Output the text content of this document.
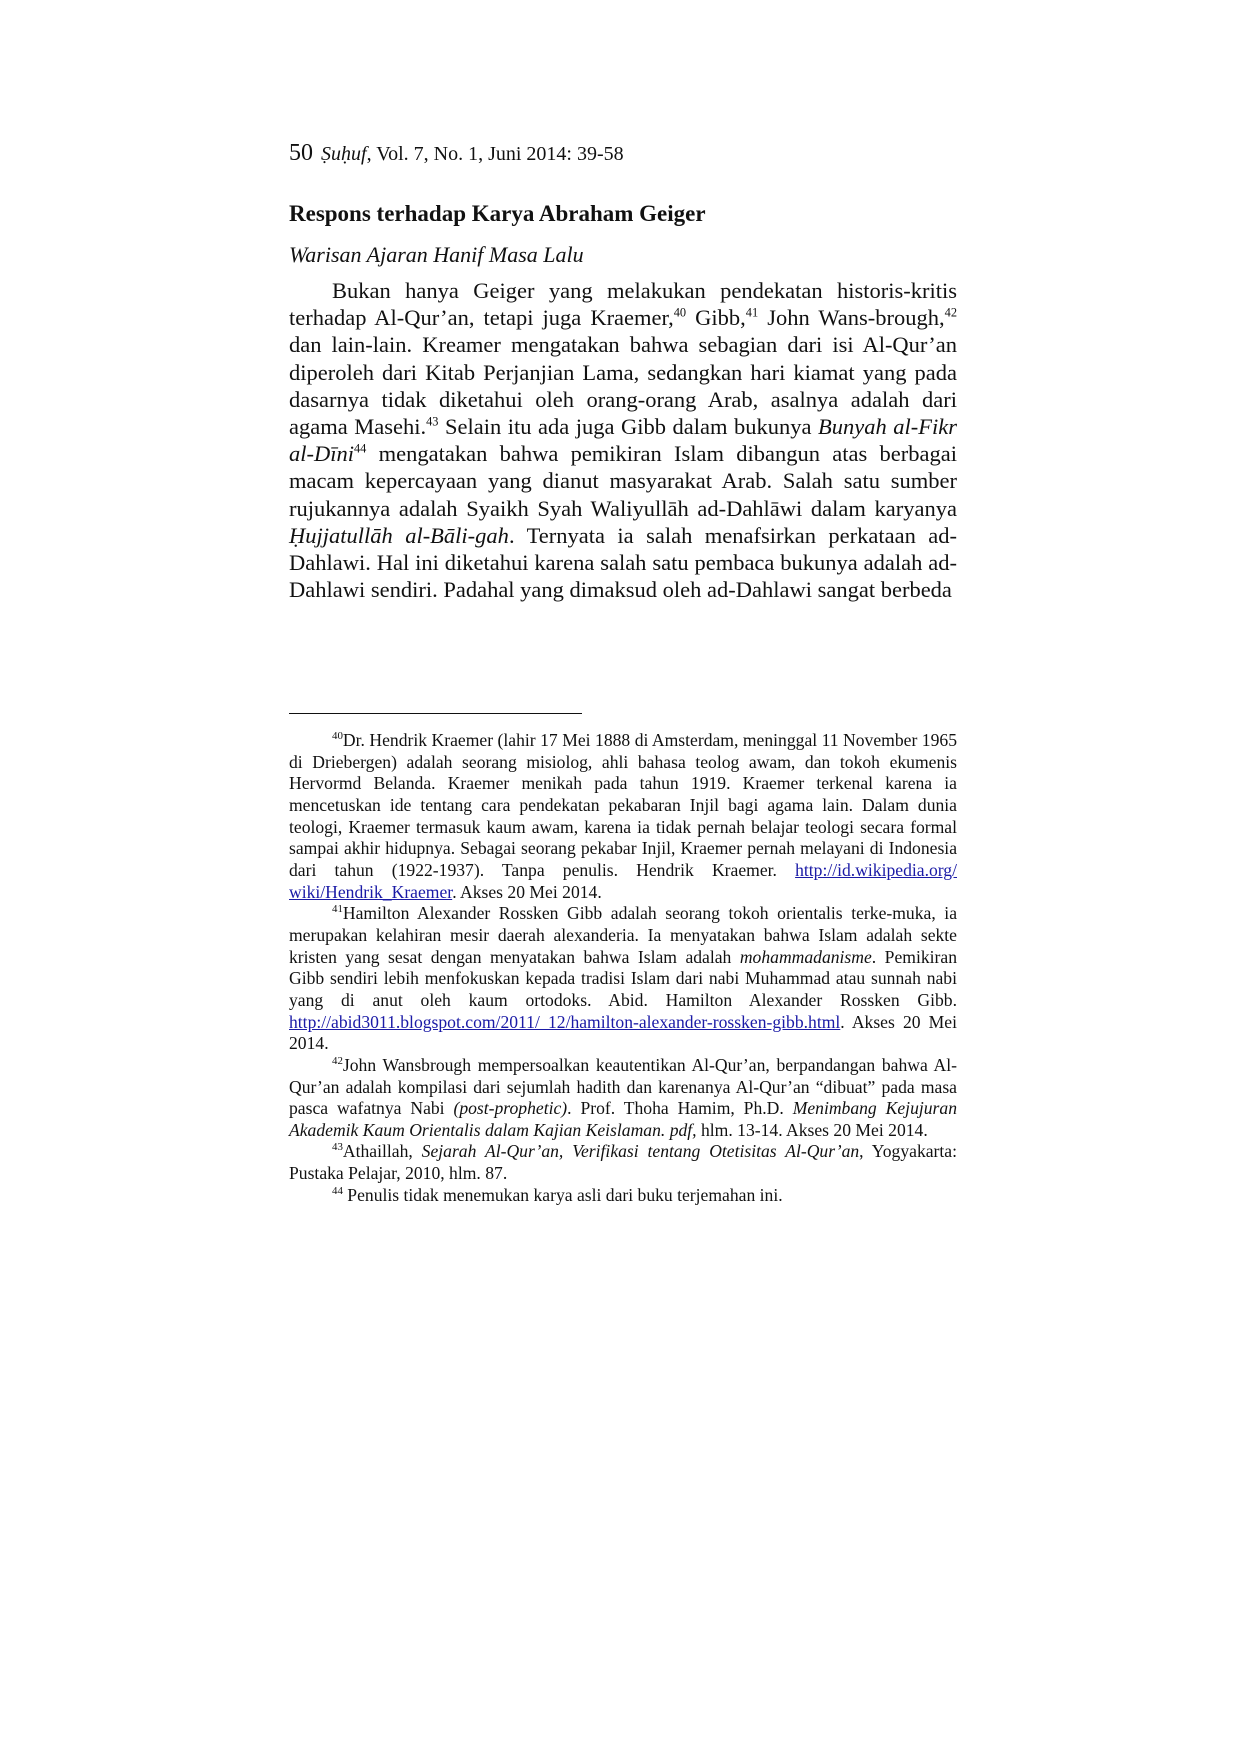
50 Ṣuḥuf, Vol. 7, No. 1, Juni 2014: 39-58
Respons terhadap Karya Abraham Geiger
Warisan Ajaran Hanif Masa Lalu

Bukan hanya Geiger yang melakukan pendekatan historis-kritis terhadap Al-Qur’an, tetapi juga Kraemer,$^{40}$ Gibb,$^{41}$ John Wans-brough,$^{42}$ dan lain-lain. Kreamer mengatakan bahwa sebagian dari isi Al-Qur’an diperoleh dari Kitab Perjanjian Lama, sedangkan hari kiamat yang pada dasarnya tidak diketahui oleh orang-orang Arab, asalnya adalah dari agama Masehi.$^{43}$ Selain itu ada juga Gibb dalam bukunya Bunyah al-Fikr al-Dīni$^{44}$ mengatakan bahwa pemikiran Islam dibangun atas berbagai macam kepercayaan yang dianut masyarakat Arab. Salah satu sumber rujukannya adalah Syaikh Syah Waliyullāh ad-Dahlāwi dalam karyanya Ḥujjatullāh al-Bāli-gah. Ternyata ia salah menafsirkan perkataan ad-Dahlawi. Hal ini diketahui karena salah satu pembaca bukunya adalah ad-Dahlawi sendiri. Padahal yang dimaksud oleh ad-Dahlawi sangat berbeda

$^{40}$Dr. Hendrik Kraemer (lahir 17 Mei 1888 di Amsterdam, meninggal 11 November 1965 di Driebergen) adalah seorang misiolog, ahli bahasa teolog awam, dan tokoh ekumenis Hervormd Belanda. Kraemer menikah pada tahun 1919. Kraemer terkenal karena ia mencetuskan ide tentang cara pendekatan pekabaran Injil bagi agama lain. Dalam dunia teologi, Kraemer termasuk kaum awam, karena ia tidak pernah belajar teologi secara formal sampai akhir hidupnya. Sebagai seorang pekabar Injil, Kraemer pernah melayani di Indonesia dari tahun (1922-1937). Tanpa penulis. Hendrik Kraemer. http://id.wikipedia.org/ wiki/Hendrik_Kraemer. Akses 20 Mei 2014.

$^{41}$Hamilton Alexander Rossken Gibb adalah seorang tokoh orientalis terke-muka, ia merupakan kelahiran mesir daerah alexanderia. Ia menyatakan bahwa Islam adalah sekte kristen yang sesat dengan menyatakan bahwa Islam adalah mohammadanisme. Pemikiran Gibb sendiri lebih menfokuskan kepada tradisi Islam dari nabi Muhammad atau sunnah nabi yang di anut oleh kaum ortodoks. Abid. Hamilton Alexander Rossken Gibb. http://abid3011.blogspot.com/2011/ 12/hamilton-alexander-rossken-gibb.html. Akses 20 Mei 2014.

$^{42}$John Wansbrough mempersoalkan keautentikan Al-Qur’an, berpandangan bahwa Al-Qur’an adalah kompilasi dari sejumlah hadith dan karenanya Al-Qur’an “dibuat” pada masa pasca wafatnya Nabi (post-prophetic). Prof. Thoha Hamim, Ph.D. Menimbang Kejujuran Akademik Kaum Orientalis dalam Kajian Keislaman. pdf, hlm. 13-14. Akses 20 Mei 2014.

$^{43}$Athaillah, Sejarah Al-Qur’an, Verifikasi tentang Otetisitas Al-Qur’an, Yogyakarta: Pustaka Pelajar, 2010, hlm. 87.

$^{44}$ Penulis tidak menemukan karya asli dari buku terjemahan ini.
